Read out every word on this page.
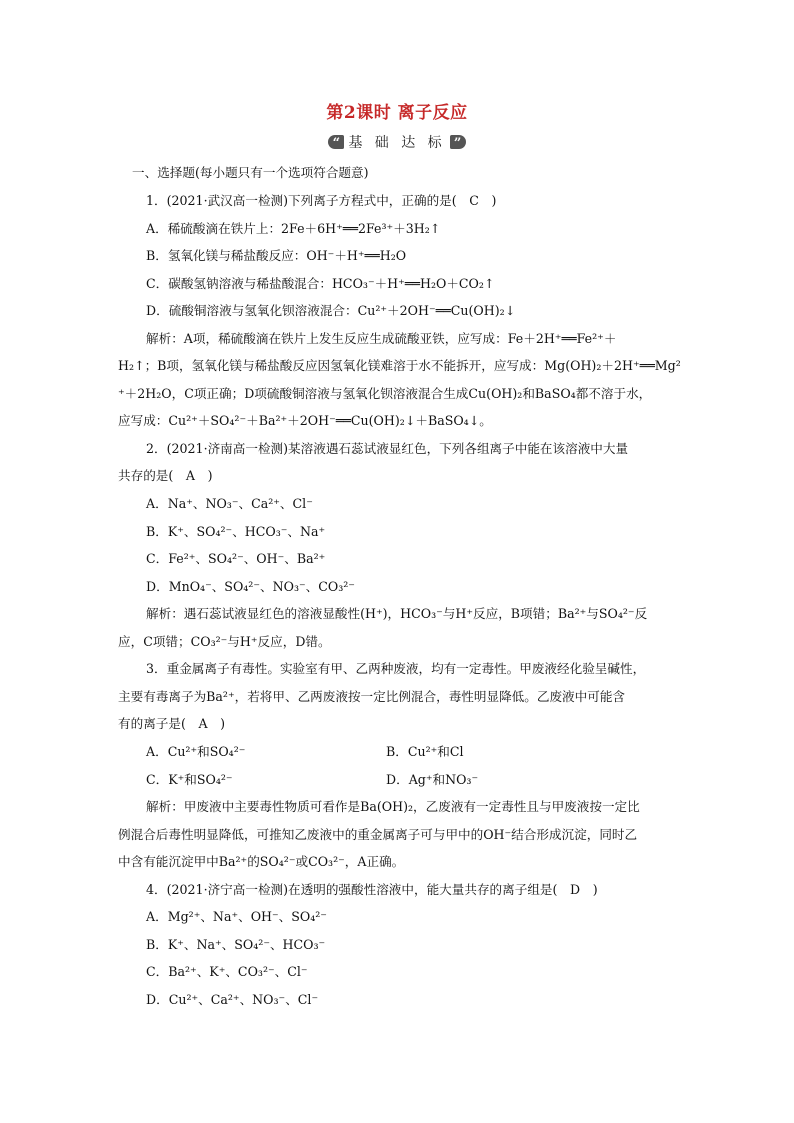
第2课时 离子反应
“ 基 础 达 标 ”
一、选择题(每小题只有一个选项符合题意)
1．(2021·武汉高一检测)下列离子方程式中，正确的是(　C　)
A．稀硫酸滴在铁片上：2Fe＋6H⁺══2Fe³⁺＋3H₂↑
B．氢氧化镁与稀盐酸反应：OH⁻＋H⁺══H₂O
C．碳酸氢钠溶液与稀盐酸混合：HCO₃⁻＋H⁺══H₂O＋CO₂↑
D．硫酸铜溶液与氢氧化钡溶液混合：Cu²⁺＋2OH⁻══Cu(OH)₂↓
解析：A项，稀硫酸滴在铁片上发生反应生成硫酸亚铁，应写成：Fe＋2H⁺══Fe²⁺＋
H₂↑；B项，氢氧化镁与稀盐酸反应因氢氧化镁难溶于水不能拆开，应写成：Mg(OH)₂＋2H⁺══Mg²
⁺＋2H₂O，C项正确；D项硫酸铜溶液与氢氧化钡溶液混合生成Cu(OH)₂和BaSO₄都不溶于水，
应写成：Cu²⁺＋SO₄²⁻＋Ba²⁺＋2OH⁻══Cu(OH)₂↓＋BaSO₄↓。
2．(2021·济南高一检测)某溶液遇石蕊试液显红色，下列各组离子中能在该溶液中大量
共存的是(　A　)
A．Na⁺、NO₃⁻、Ca²⁺、Cl⁻
B．K⁺、SO₄²⁻、HCO₃⁻、Na⁺
C．Fe²⁺、SO₄²⁻、OH⁻、Ba²⁺
D．MnO₄⁻、SO₄²⁻、NO₃⁻、CO₃²⁻
解析：遇石蕊试液显红色的溶液显酸性(H⁺)，HCO₃⁻与H⁺反应，B项错；Ba²⁺与SO₄²⁻反
应，C项错；CO₃²⁻与H⁺反应，D错。
3．重金属离子有毒性。实验室有甲、乙两种废液，均有一定毒性。甲废液经化验呈碱性，
主要有毒离子为Ba²⁺，若将甲、乙两废液按一定比例混合，毒性明显降低。乙废液中可能含
有的离子是(　A　)
A．Cu²⁺和SO₄²⁻	B．Cu²⁺和Cl
C．K⁺和SO₄²⁻	D．Ag⁺和NO₃⁻
解析：甲废液中主要毒性物质可看作是Ba(OH)₂，乙废液有一定毒性且与甲废液按一定比
例混合后毒性明显降低，可推知乙废液中的重金属离子可与甲中的OH⁻结合形成沉淀，同时乙
中含有能沉淀甲中Ba²⁺的SO₄²⁻或CO₃²⁻，A正确。
4．(2021·济宁高一检测)在透明的强酸性溶液中，能大量共存的离子组是(　D　)
A．Mg²⁺、Na⁺、OH⁻、SO₄²⁻
B．K⁺、Na⁺、SO₄²⁻、HCO₃⁻
C．Ba²⁺、K⁺、CO₃²⁻、Cl⁻
D．Cu²⁺、Ca²⁺、NO₃⁻、Cl⁻
